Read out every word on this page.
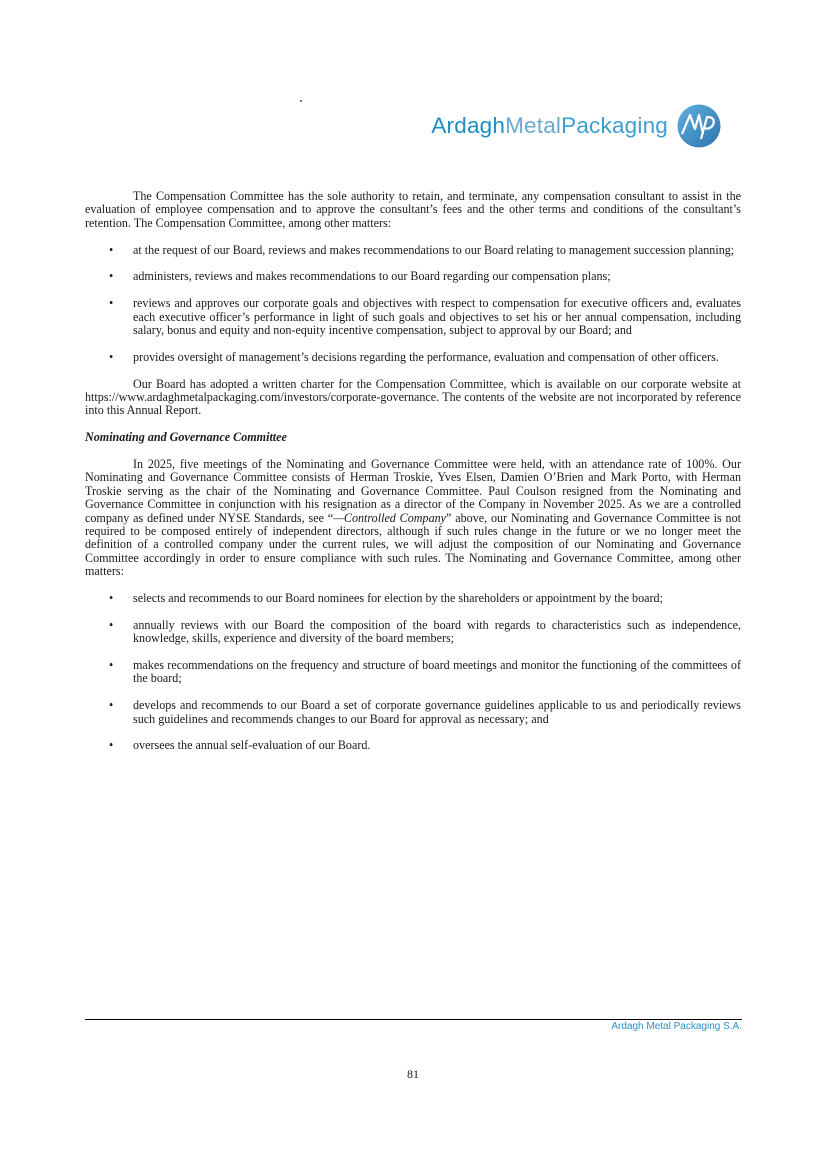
ArdaghMetalPackaging

The Compensation Committee has the sole authority to retain, and terminate, any compensation consultant to assist in the evaluation of employee compensation and to approve the consultant’s fees and the other terms and conditions of the consultant’s retention. The Compensation Committee, among other matters:

• at the request of our Board, reviews and makes recommendations to our Board relating to management succession planning;
• administers, reviews and makes recommendations to our Board regarding our compensation plans;
• reviews and approves our corporate goals and objectives with respect to compensation for executive officers and, evaluates each executive officer’s performance in light of such goals and objectives to set his or her annual compensation, including salary, bonus and equity and non-equity incentive compensation, subject to approval by our Board; and
• provides oversight of management’s decisions regarding the performance, evaluation and compensation of other officers.

Our Board has adopted a written charter for the Compensation Committee, which is available on our corporate website at https://www.ardaghmetalpackaging.com/investors/corporate-governance. The contents of the website are not incorporated by reference into this Annual Report.

Nominating and Governance Committee

In 2025, five meetings of the Nominating and Governance Committee were held, with an attendance rate of 100%. Our Nominating and Governance Committee consists of Herman Troskie, Yves Elsen, Damien O’Brien and Mark Porto, with Herman Troskie serving as the chair of the Nominating and Governance Committee. Paul Coulson resigned from the Nominating and Governance Committee in conjunction with his resignation as a director of the Company in November 2025. As we are a controlled company as defined under NYSE Standards, see “—Controlled Company” above, our Nominating and Governance Committee is not required to be composed entirely of independent directors, although if such rules change in the future or we no longer meet the definition of a controlled company under the current rules, we will adjust the composition of our Nominating and Governance Committee accordingly in order to ensure compliance with such rules. The Nominating and Governance Committee, among other matters:

• selects and recommends to our Board nominees for election by the shareholders or appointment by the board;
• annually reviews with our Board the composition of the board with regards to characteristics such as independence, knowledge, skills, experience and diversity of the board members;
• makes recommendations on the frequency and structure of board meetings and monitor the functioning of the committees of the board;
• develops and recommends to our Board a set of corporate governance guidelines applicable to us and periodically reviews such guidelines and recommends changes to our Board for approval as necessary; and
• oversees the annual self-evaluation of our Board.
Ardagh Metal Packaging S.A.
81
